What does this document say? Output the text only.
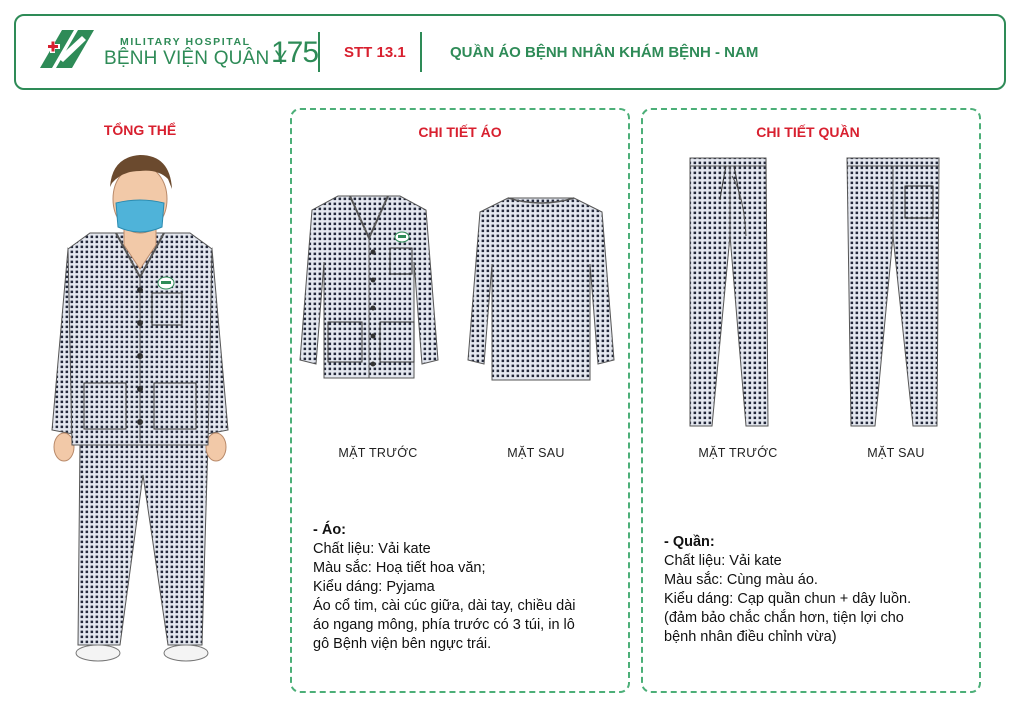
MILITARY HOSPITAL
BỆNH VIỆN QUÂN Y
175 STT 13.1	QUẦN ÁO BỆNH NHÂN KHÁM BỆNH - NAM
TỔNG THỂ	CHI TIẾT ÁO
MẶT TRƯỚC	MẶT SAU
- Áo:
Chất liệu: Vải kate
Màu sắc: Hoạ tiết hoa văn;
Kiểu dáng: Pyjama
Áo cổ tim, cài cúc giữa, dài tay, chiều dài
áo ngang mông, phía trước có 3 túi, in lô
gô Bệnh viện bên ngực trái.
CHI TIẾT QUẦN
MẶT TRƯỚC	MẶT SAU
- Quần:
Chất liệu: Vải kate
Màu sắc: Cùng màu áo.
Kiểu dáng: Cạp quần chun + dây luồn.
(đảm bảo chắc chắn hơn, tiện lợi cho
bệnh nhân điều chỉnh vừa)
